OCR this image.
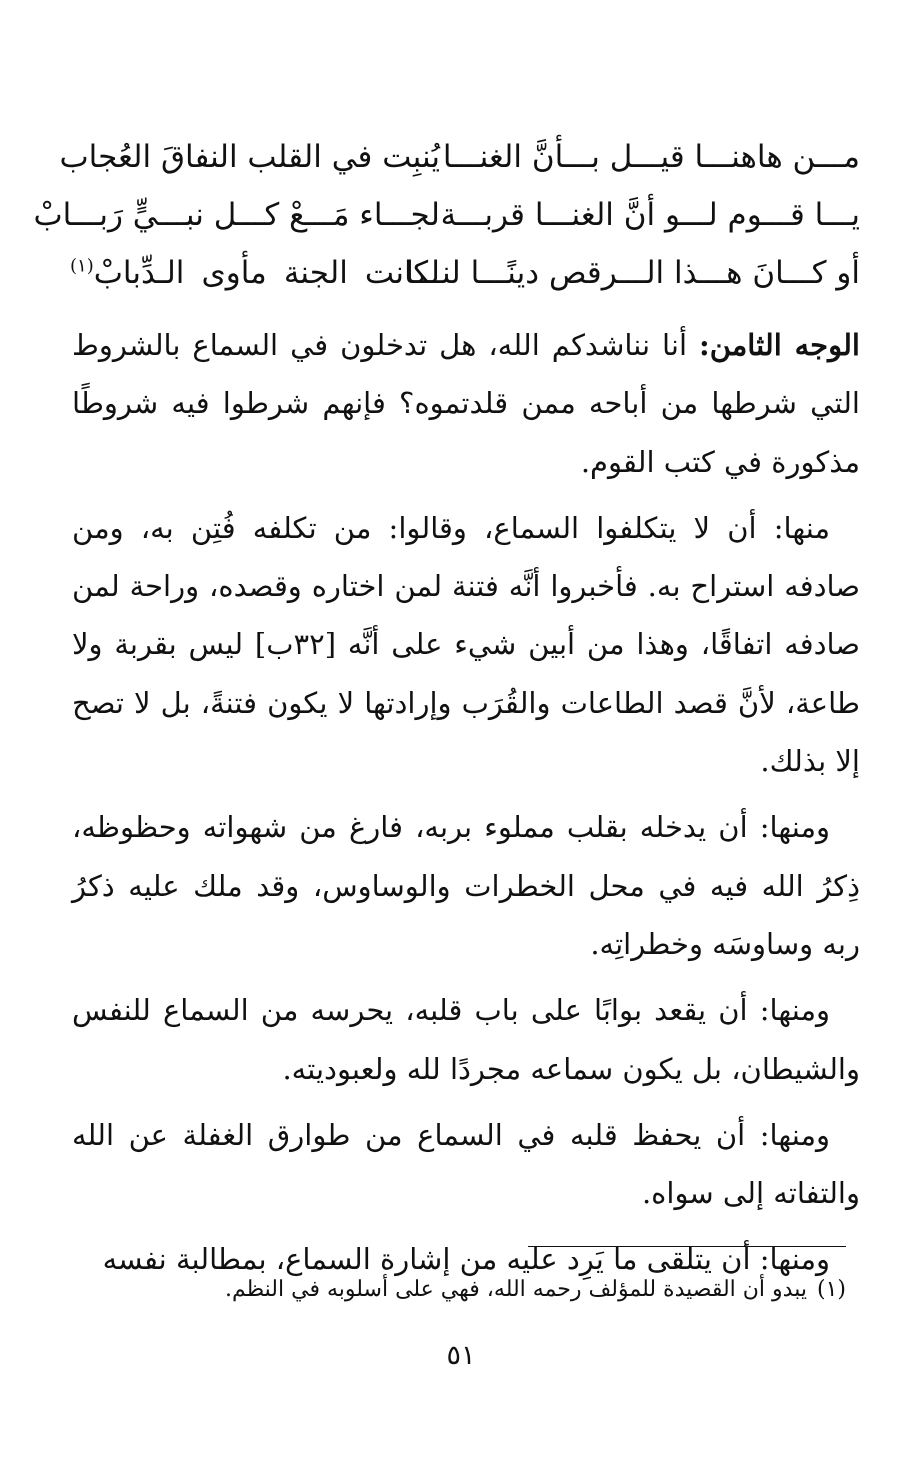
مـــن هاهنـــا قيـــل بـــأنَّ الغنـــا
يُنبِت في القلب النفاقَ العُجاب
يـــا قـــوم لـــو أنَّ الغنـــا قربـــة
لجـــاء مَـــعْ كـــل نبـــيٍّ رَبـــابْ
أو كـــانَ هـــذا الـــرقص دينًـــا لنـــا
لكانت الجنة مأوى الـدِّبابْ$^{(١)}$

الوجه الثامن: أنا نناشدكم الله، هل تدخلون في السماع بالشروط التي شرطها من أباحه ممن قلدتموه؟ فإنهم شرطوا فيه شروطًا مذكورة في كتب القوم.

منها: أن لا يتكلفوا السماع، وقالوا: من تكلفه فُتِن به، ومن صادفه استراح به. فأخبروا أنَّه فتنة لمن اختاره وقصده، وراحة لمن صادفه اتفاقًا، وهذا من أبين شيء على أنَّه [٣٢ب] ليس بقربة ولا طاعة، لأنَّ قصد الطاعات والقُرَب وإرادتها لا يكون فتنةً، بل لا تصح إلا بذلك.

ومنها: أن يدخله بقلب مملوء بربه، فارغ من شهواته وحظوظه، ذِكرُ الله فيه في محل الخطرات والوساوس، وقد ملك عليه ذكرُ ربه وساوسَه وخطراتِه.

ومنها: أن يقعد بوابًا على باب قلبه، يحرسه من السماع للنفس والشيطان، بل يكون سماعه مجردًا لله ولعبوديته.

ومنها: أن يحفظ قلبه في السماع من طوارق الغفلة عن الله والتفاته إلى سواه.

ومنها: أن يتلقى ما يَرِد عليه من إشارة السماع، بمطالبة نفسه

(١)يبدو أن القصيدة للمؤلف رحمه الله، فهي على أسلوبه في النظم.
٥١
